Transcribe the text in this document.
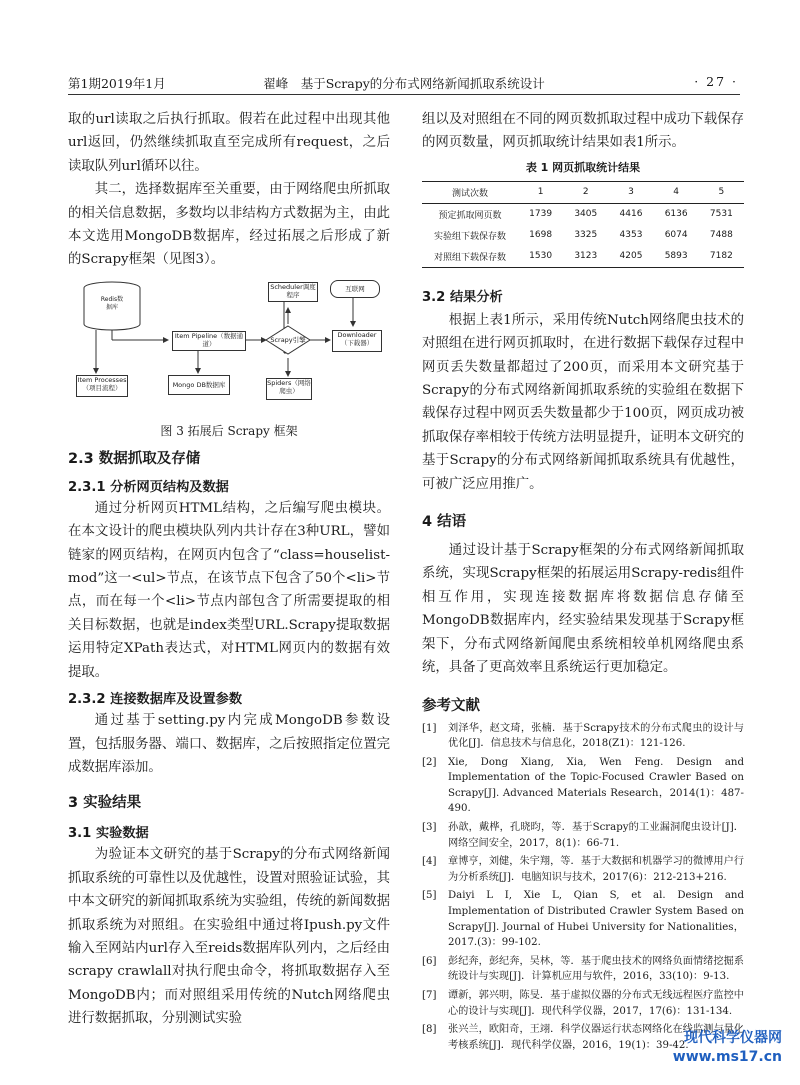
第1期2019年1月	翟峰　基于Scrapy的分布式网络新闻抓取系统设计	· 27 ·

取的url读取之后执行抓取。假若在此过程中出现其他url返回，仍然继续抓取直至完成所有request，之后读取队列url循环以往。

其二，选择数据库至关重要，由于网络爬虫所抓取的相关信息数据，多数均以非结构方式数据为主，由此本文选用MongoDB数据库，经过拓展之后形成了新的Scrapy框架（见图3）。

Redis数据库
Scheduler调度程序
互联网
Item Pipeline（数据通道）	Scrapy引擎
Downloader（下载器）
Item Processes（项目流程）	Mongo DB数据库	Spiders（网络爬虫）
图 3 拓展后 Scrapy 框架
2.3 数据抓取及存储
2.3.1 分析网页结构及数据

通过分析网页HTML结构，之后编写爬虫模块。在本文设计的爬虫模块队列内共计存在3种URL，譬如链家的网页结构，在网页内包含了“class=houselist-mod”这一<ul>节点，在该节点下包含了50个<li>节点，而在每一个<li>节点内部包含了所需要提取的相关目标数据，也就是index类型URL.Scrapy提取数据运用特定XPath表达式，对HTML网页内的数据有效提取。

2.3.2 连接数据库及设置参数

通过基于setting.py内完成MongoDB参数设置，包括服务器、端口、数据库，之后按照指定位置完成数据库添加。

3 实验结果
3.1 实验数据

为验证本文研究的基于Scrapy的分布式网络新闻抓取系统的可靠性以及优越性，设置对照验证试验，其中本文研究的新闻抓取系统为实验组，传统的新闻数据抓取系统为对照组。在实验组中通过将Ipush.py文件输入至网站内url存入至reids数据库队列内，之后经由scrapy crawlall对执行爬虫命令，将抓取数据存入至MongoDB内；而对照组采用传统的Nutch网络爬虫进行数据抓取，分别测试实验

组以及对照组在不同的网页数抓取过程中成功下载保存的网页数量，网页抓取统计结果如表1所示。

表 1 网页抓取统计结果
测试次数	1	2	3	4	5
预定抓取网页数	1739	3405	4416	6136	7531
实验组下载保存数	1698	3325	4353	6074	7488
对照组下载保存数	1530	3123	4205	5893	7182
3.2 结果分析

根据上表1所示，采用传统Nutch网络爬虫技术的对照组在进行网页抓取时，在进行数据下载保存过程中网页丢失数量都超过了200页，而采用本文研究基于Scrapy的分布式网络新闻抓取系统的实验组在数据下载保存过程中网页丢失数量都少于100页，网页成功被抓取保存率相较于传统方法明显提升，证明本文研究的基于Scrapy的分布式网络新闻抓取系统具有优越性，可被广泛应用推广。

4 结语

通过设计基于Scrapy框架的分布式网络新闻抓取系统，实现Scrapy框架的拓展运用Scrapy-redis组件相互作用，实现连接数据库将数据信息存储至MongoDB数据库内，经实验结果发现基于Scrapy框架下，分布式网络新闻爬虫系统相较单机网络爬虫系统，具备了更高效率且系统运行更加稳定。

参考文献
[1]	刘泽华，赵文琦，张楠．基于Scrapy技术的分布式爬虫的设计与优化[J]．信息技术与信息化，2018(Z1)：121-126.
[2]	Xie, Dong Xiang, Xia, Wen Feng. Design and Implementation of the Topic-Focused Crawler Based on Scrapy[J]. Advanced Materials Research，2014(1)：487-490.
[3]	孙歆，戴桦，孔晓昀，等．基于Scrapy的工业漏洞爬虫设计[J]．网络空间安全，2017，8(1)：66-71.
[4]	章博亨，刘健，朱宇翔，等．基于大数据和机器学习的微博用户行为分析系统[J]．电脑知识与技术，2017(6)：212-213+216.
[5]	Daiyi L I, Xie L, Qian S, et al. Design and Implementation of Distributed Crawler System Based on Scrapy[J]. Journal of Hubei University for Nationalities，2017.(3)：99-102.
[6]	彭纪奔，彭纪奔，吴林，等．基于爬虫技术的网络负面情绪挖掘系统设计与实现[J]．计算机应用与软件，2016，33(10)：9-13.
[7]	谭新，郭兴明，陈旻．基于虚拟仪器的分布式无线远程医疗监控中心的设计与实现[J]．现代科学仪器，2017，17(6)：131-134.
[8]	张兴兰，欧阳奇，王翊．科学仪器运行状态网络化在线监测与量化考核系统[J]．现代科学仪器，2016，19(1)：39-42.
现代科学仪器网
www.ms17.cn
